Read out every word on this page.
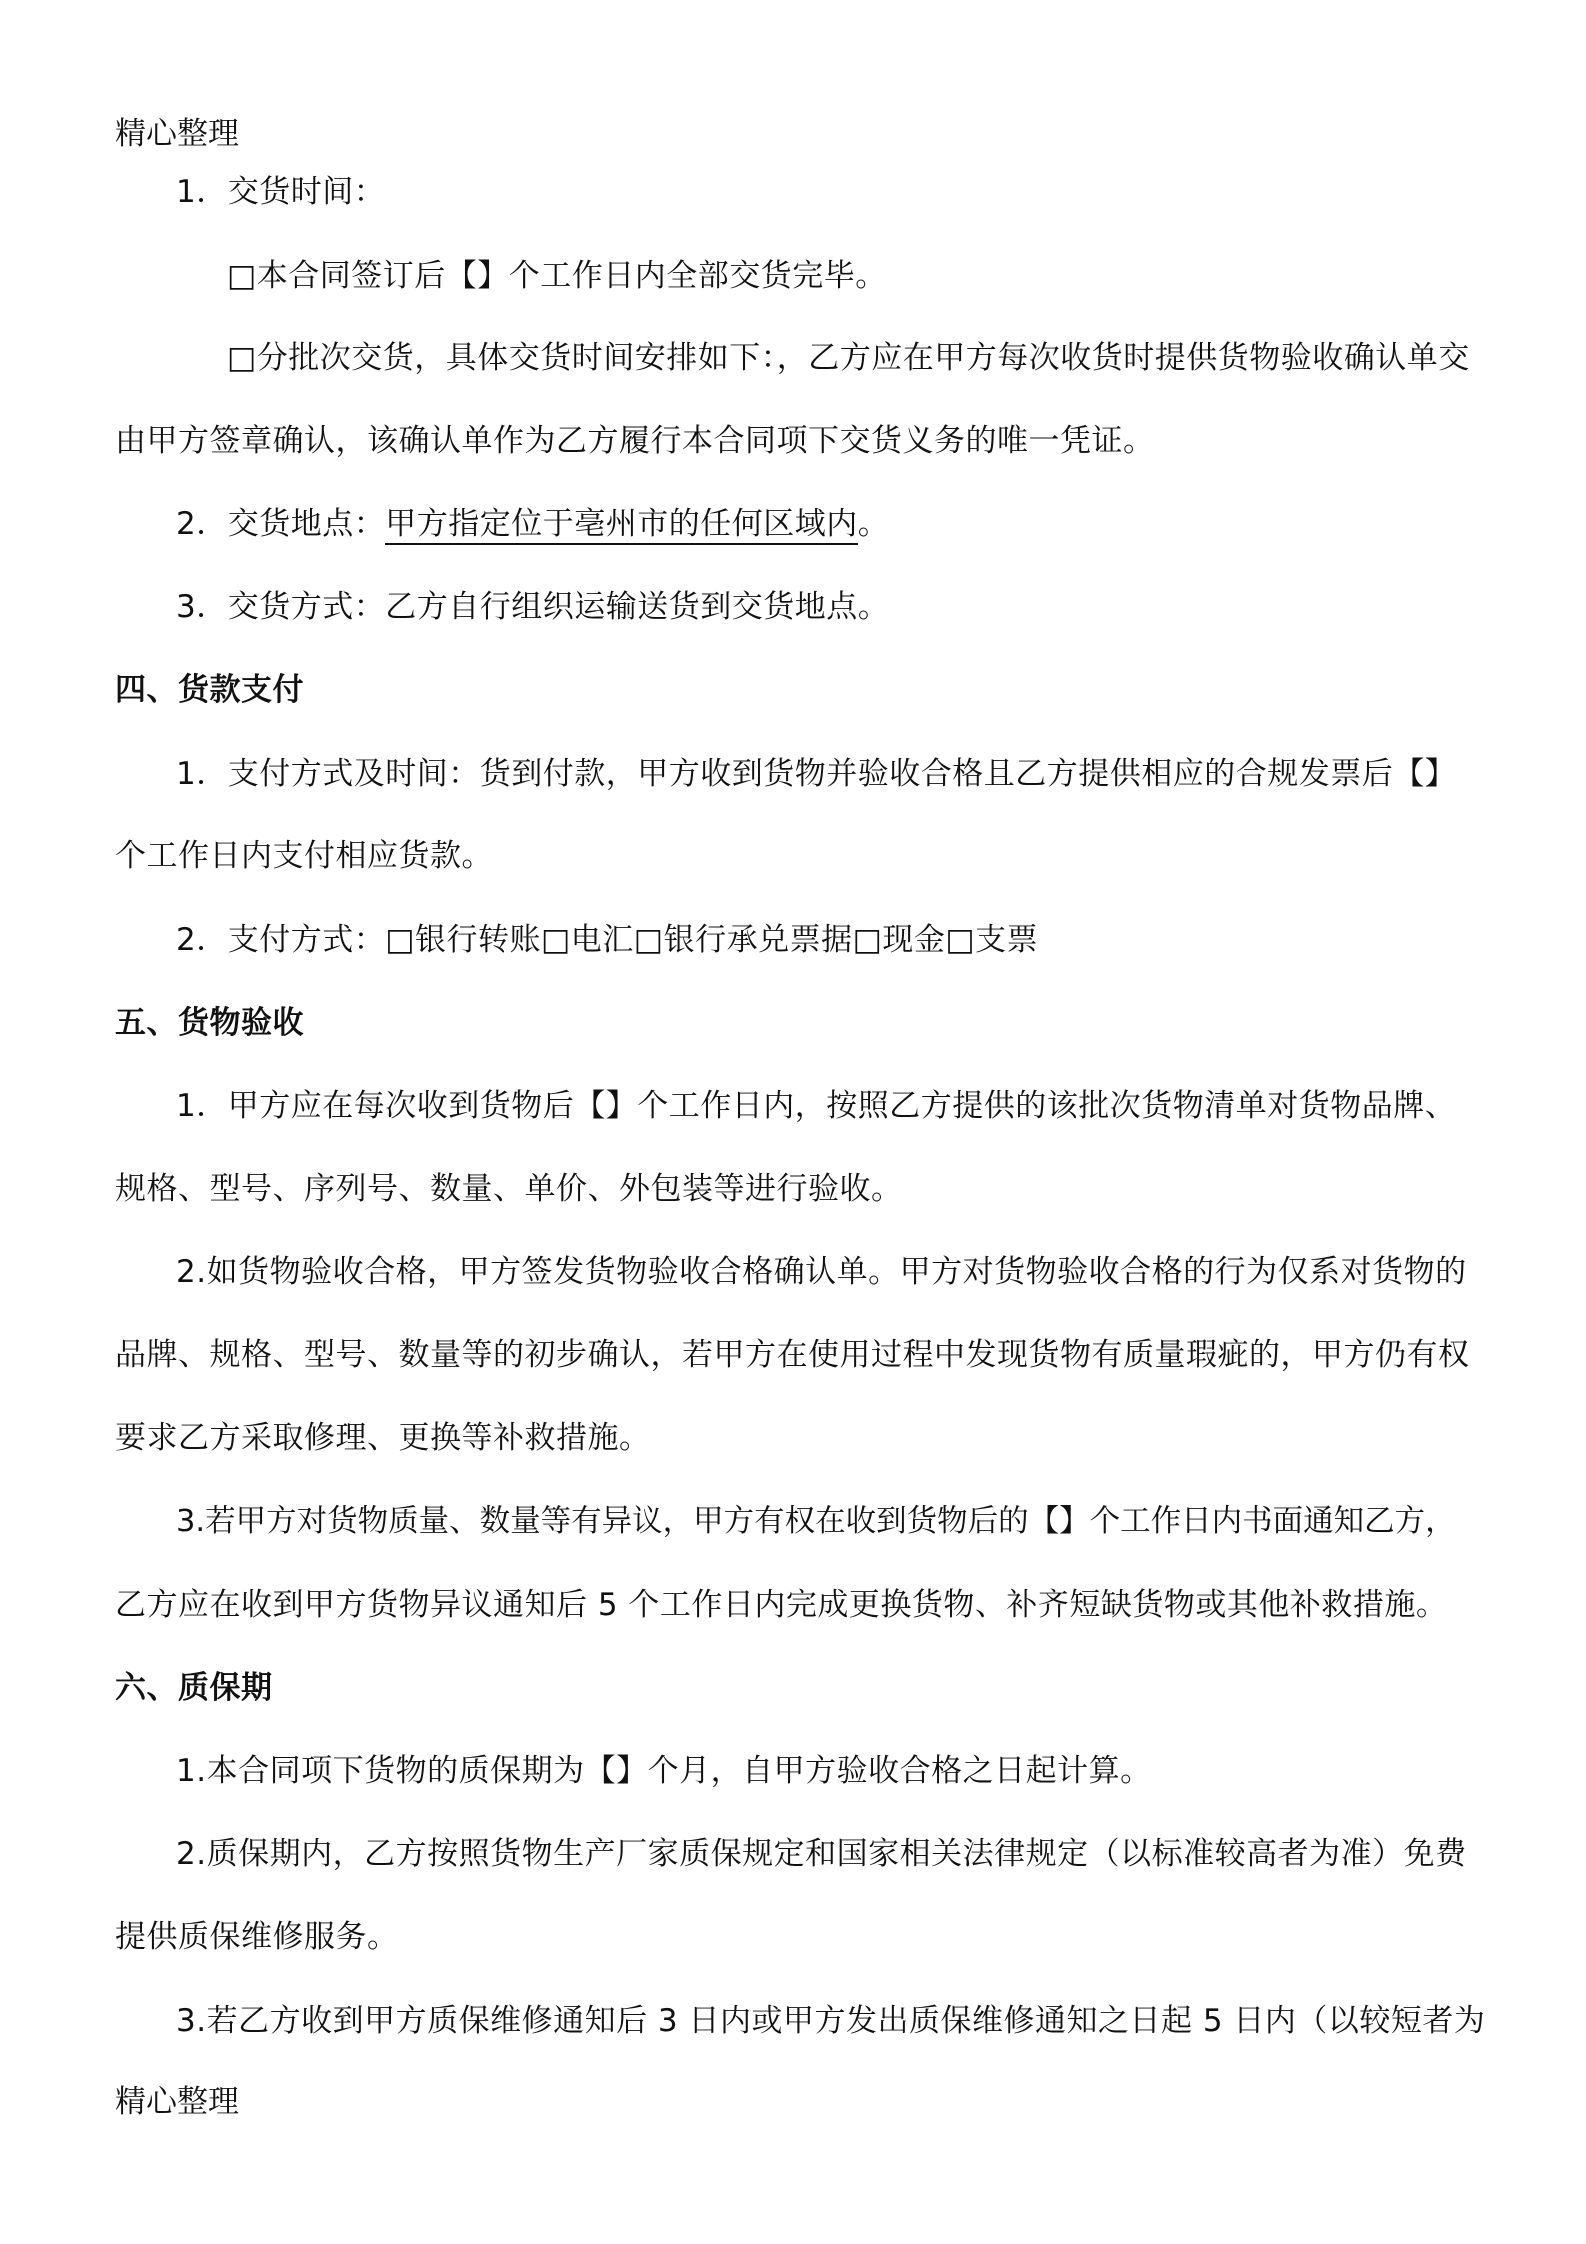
精心整理
1．交货时间：
□本合同签订后【】个工作日内全部交货完毕。
□分批次交货，具体交货时间安排如下：，乙方应在甲方每次收货时提供货物验收确认单交
由甲方签章确认，该确认单作为乙方履行本合同项下交货义务的唯一凭证。
2．交货地点：甲方指定位于亳州市的任何区域内。
3．交货方式：乙方自行组织运输送货到交货地点。
四、货款支付
1．支付方式及时间：货到付款，甲方收到货物并验收合格且乙方提供相应的合规发票后【】
个工作日内支付相应货款。
2．支付方式：□银行转账□电汇□银行承兑票据□现金□支票
五、货物验收
1．甲方应在每次收到货物后【】个工作日内，按照乙方提供的该批次货物清单对货物品牌、
规格、型号、序列号、数量、单价、外包装等进行验收。
2.如货物验收合格，甲方签发货物验收合格确认单。甲方对货物验收合格的行为仅系对货物的
品牌、规格、型号、数量等的初步确认，若甲方在使用过程中发现货物有质量瑕疵的，甲方仍有权
要求乙方采取修理、更换等补救措施。
3.若甲方对货物质量、数量等有异议，甲方有权在收到货物后的【】个工作日内书面通知乙方，
乙方应在收到甲方货物异议通知后 5 个工作日内完成更换货物、补齐短缺货物或其他补救措施。
六、质保期
1.本合同项下货物的质保期为【】个月，自甲方验收合格之日起计算。
2.质保期内，乙方按照货物生产厂家质保规定和国家相关法律规定（以标准较高者为准）免费
提供质保维修服务。
3.若乙方收到甲方质保维修通知后 3 日内或甲方发出质保维修通知之日起 5 日内（以较短者为
精心整理
